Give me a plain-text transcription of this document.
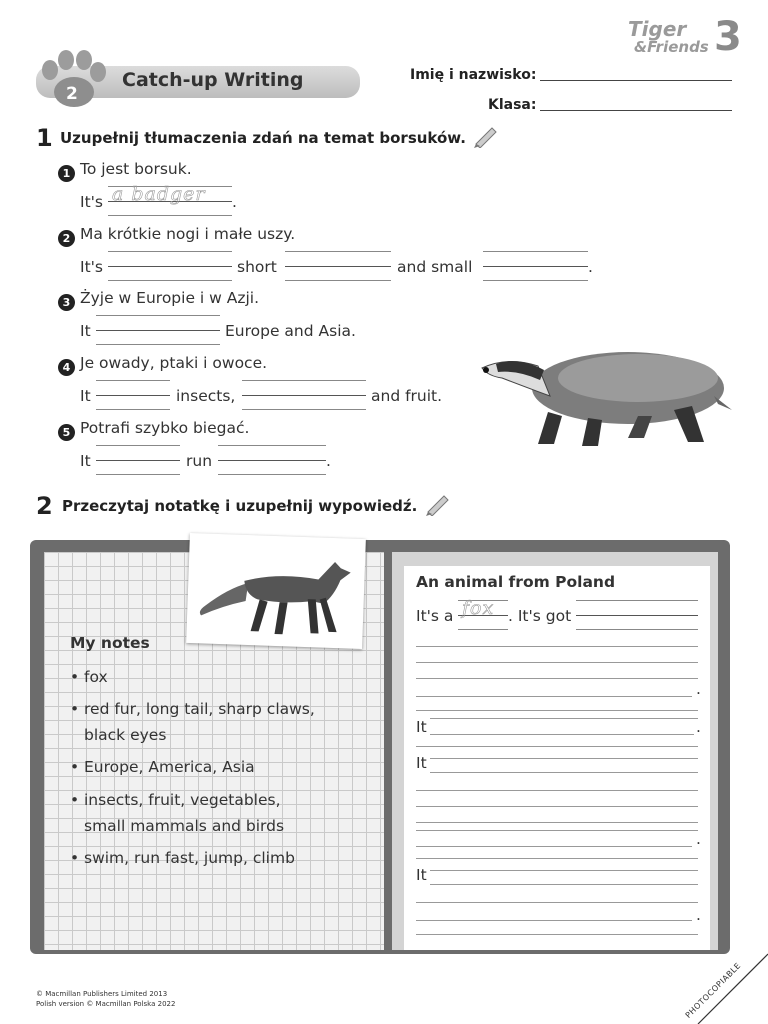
Tiger
&Friends 3
2
Catch-up Writing	Imię i nazwisko:
Klasa:
1 Uzupełnij tłumaczenia zdań na temat borsuków.
1 To jest borsuk.
It's a badger .
2 Ma krótkie nogi i małe uszy.
It's	short	and small	.
3 Żyje w Europie i w Azji.
It	Europe and Asia.
4 Je owady, ptaki i owoce.
It	insects,	and fruit.
5 Potrafi szybko biegać.
It	run	.
2 Przeczytaj notatkę i uzupełnij wypowiedź.
My notes
• fox
• red fur, long tail, sharp claws,
black eyes
• Europe, America, Asia
• insects, fruit, vegetables,
small mammals and birds
• swim, run fast, jump, climb
An animal from Poland
It's a fox . It's got
.
It	.
It
.
It
.
© Macmillan Publishers Limited 2013
Polish version © Macmillan Polska 2022	PHOTOCOPIABLE
